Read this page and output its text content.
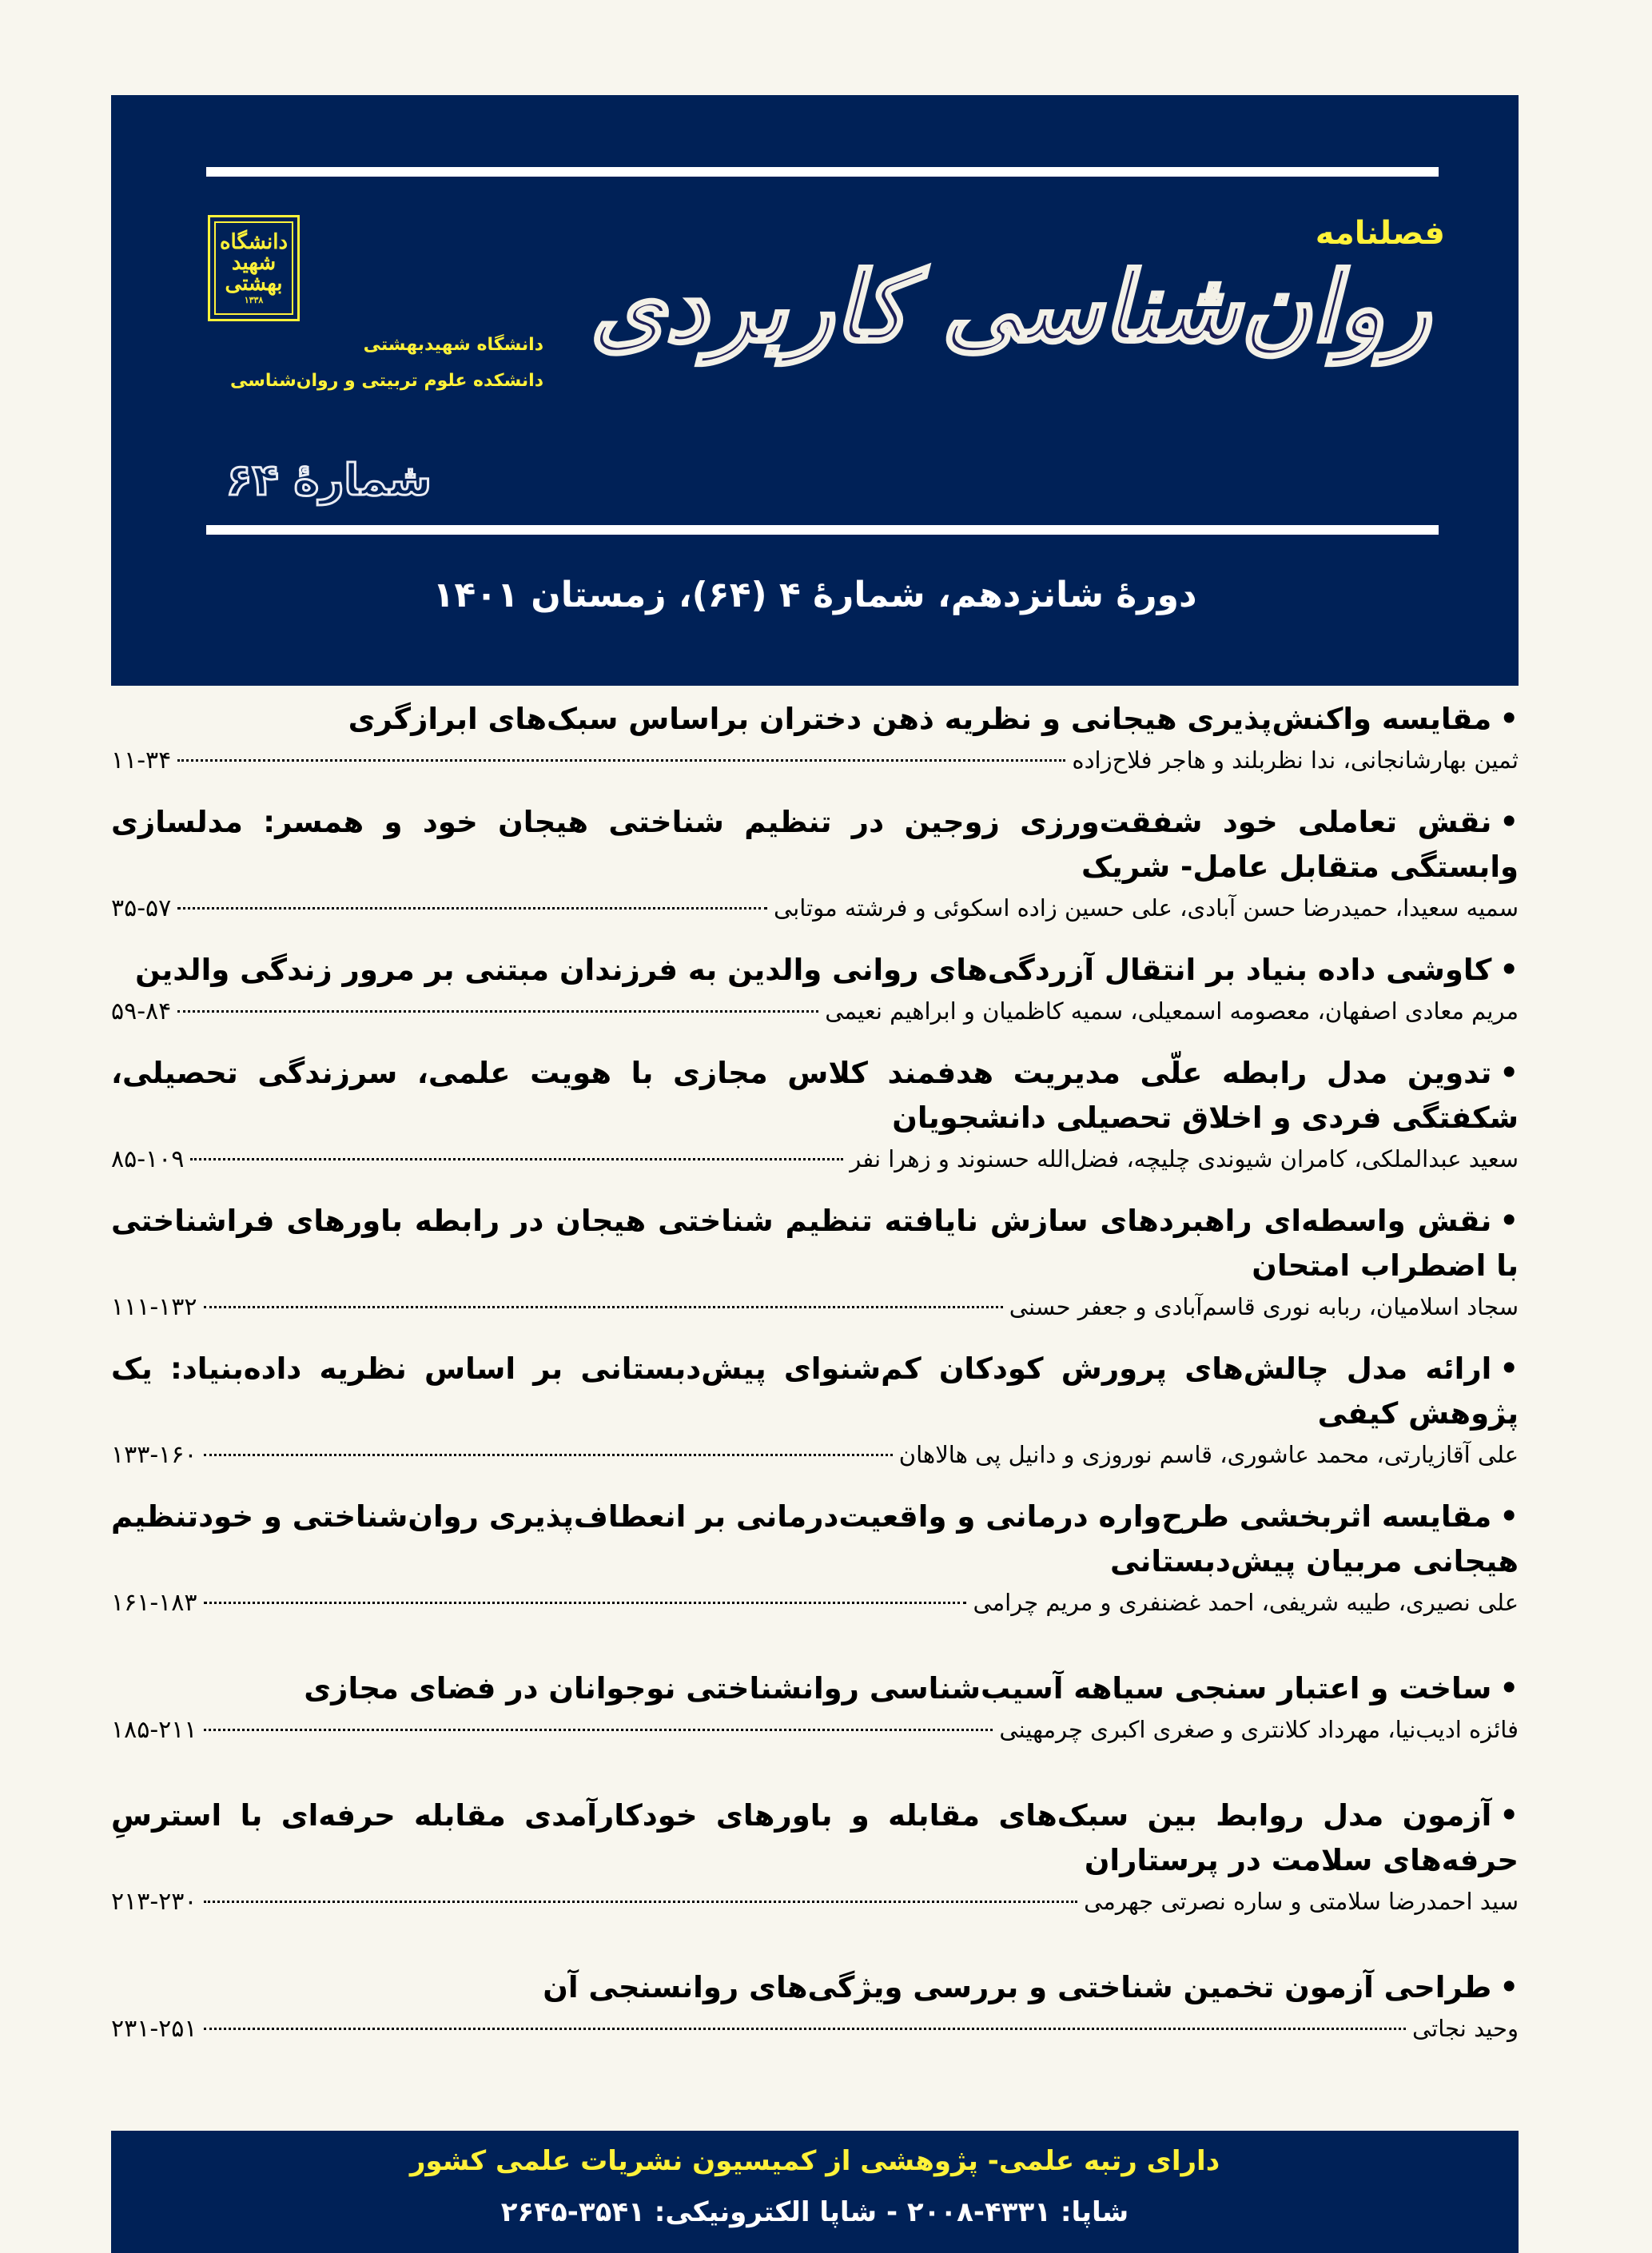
دانشگاه
شهید
بهشتی
۱۳۳۸
دانشگاه شهیدبهشتی
دانشکده علوم تربیتی و روان‌شناسی
فصلنامه
روان‌شناسی کاربردی
شمارهٔ ۶۴
دورهٔ شانزدهم، شمارهٔ ۴ (۶۴)، زمستان ۱۴۰۱
•مقایسه واکنش‌پذیری هیجانی و نظریه ذهن دختران براساس سبک‌های ابرازگری
ثمین بهارشانجانی، ندا نظربلند و هاجر فلاح‌زاده
۱۱-۳۴
•نقش تعاملی خود شفقت‌ورزی زوجین در تنظیم شناختی هیجان خود و همسر: مدلسازی وابستگی متقابل عامل- شریک
سمیه سعیدا، حمیدرضا حسن آبادی، علی حسین زاده اسکوئی و فرشته موتابی
۳۵-۵۷
•کاوشی داده بنیاد بر انتقال آزردگی‌های روانی والدین به فرزندان مبتنی بر مرور زندگی والدین
مریم معادی اصفهان، معصومه اسمعیلی، سمیه کاظمیان و ابراهیم نعیمی
۵۹-۸۴
•تدوین مدل رابطه علّی مدیریت هدفمند کلاس مجازی با هویت علمی، سرزندگی تحصیلی، شکفتگی فردی و اخلاق تحصیلی دانشجویان
سعید عبدالملکی، کامران شیوندی چلیچه، فضل‌الله حسنوند و زهرا نفر
۸۵-۱۰۹
•نقش واسطه‌ای راهبردهای سازش نایافته تنظیم شناختی هیجان در رابطه باورهای فراشناختی با اضطراب امتحان
سجاد اسلامیان، ربابه نوری قاسم‌آبادی و جعفر حسنی
۱۱۱-۱۳۲
•ارائه مدل چالش‌های پرورش کودکان کم‌شنوای پیش‌دبستانی بر اساس نظریه داده‌بنیاد: یک پژوهش کیفی
علی آقازیارتی، محمد عاشوری، قاسم نوروزی و دانیل پی هالاهان
۱۳۳-۱۶۰
•مقایسه اثربخشی طرح‌واره درمانی و واقعیت‌درمانی بر انعطاف‌پذیری روان‌شناختی و خودتنظیم هیجانی مربیان پیش‌دبستانی
علی نصیری، طیبه شریفی، احمد غضنفری و مریم چرامی
۱۶۱-۱۸۳
•ساخت و اعتبار سنجی سیاهه آسیب‌شناسی روانشناختی نوجوانان در فضای مجازی
فائزه ادیب‌نیا، مهرداد کلانتری و صغری اکبری چرمهینی
۱۸۵-۲۱۱
•آزمون مدل روابط بین سبک‌های مقابله و باورهای خودکارآمدی مقابله حرفه‌ای با استرسِ حرفه‌های سلامت در پرستاران
سید احمدرضا سلامتی و ساره نصرتی جهرمی
۲۱۳-۲۳۰
•طراحی آزمون تخمین شناختی و بررسی ویژگی‌های روانسنجی آن
وحید نجاتی
۲۳۱-۲۵۱
دارای رتبه علمی- پژوهشی از کمیسیون نشریات علمی کشور
شاپا: ۴۳۳۱-۲۰۰۸ - شاپا الکترونیکی: ۳۵۴۱-۲۶۴۵
